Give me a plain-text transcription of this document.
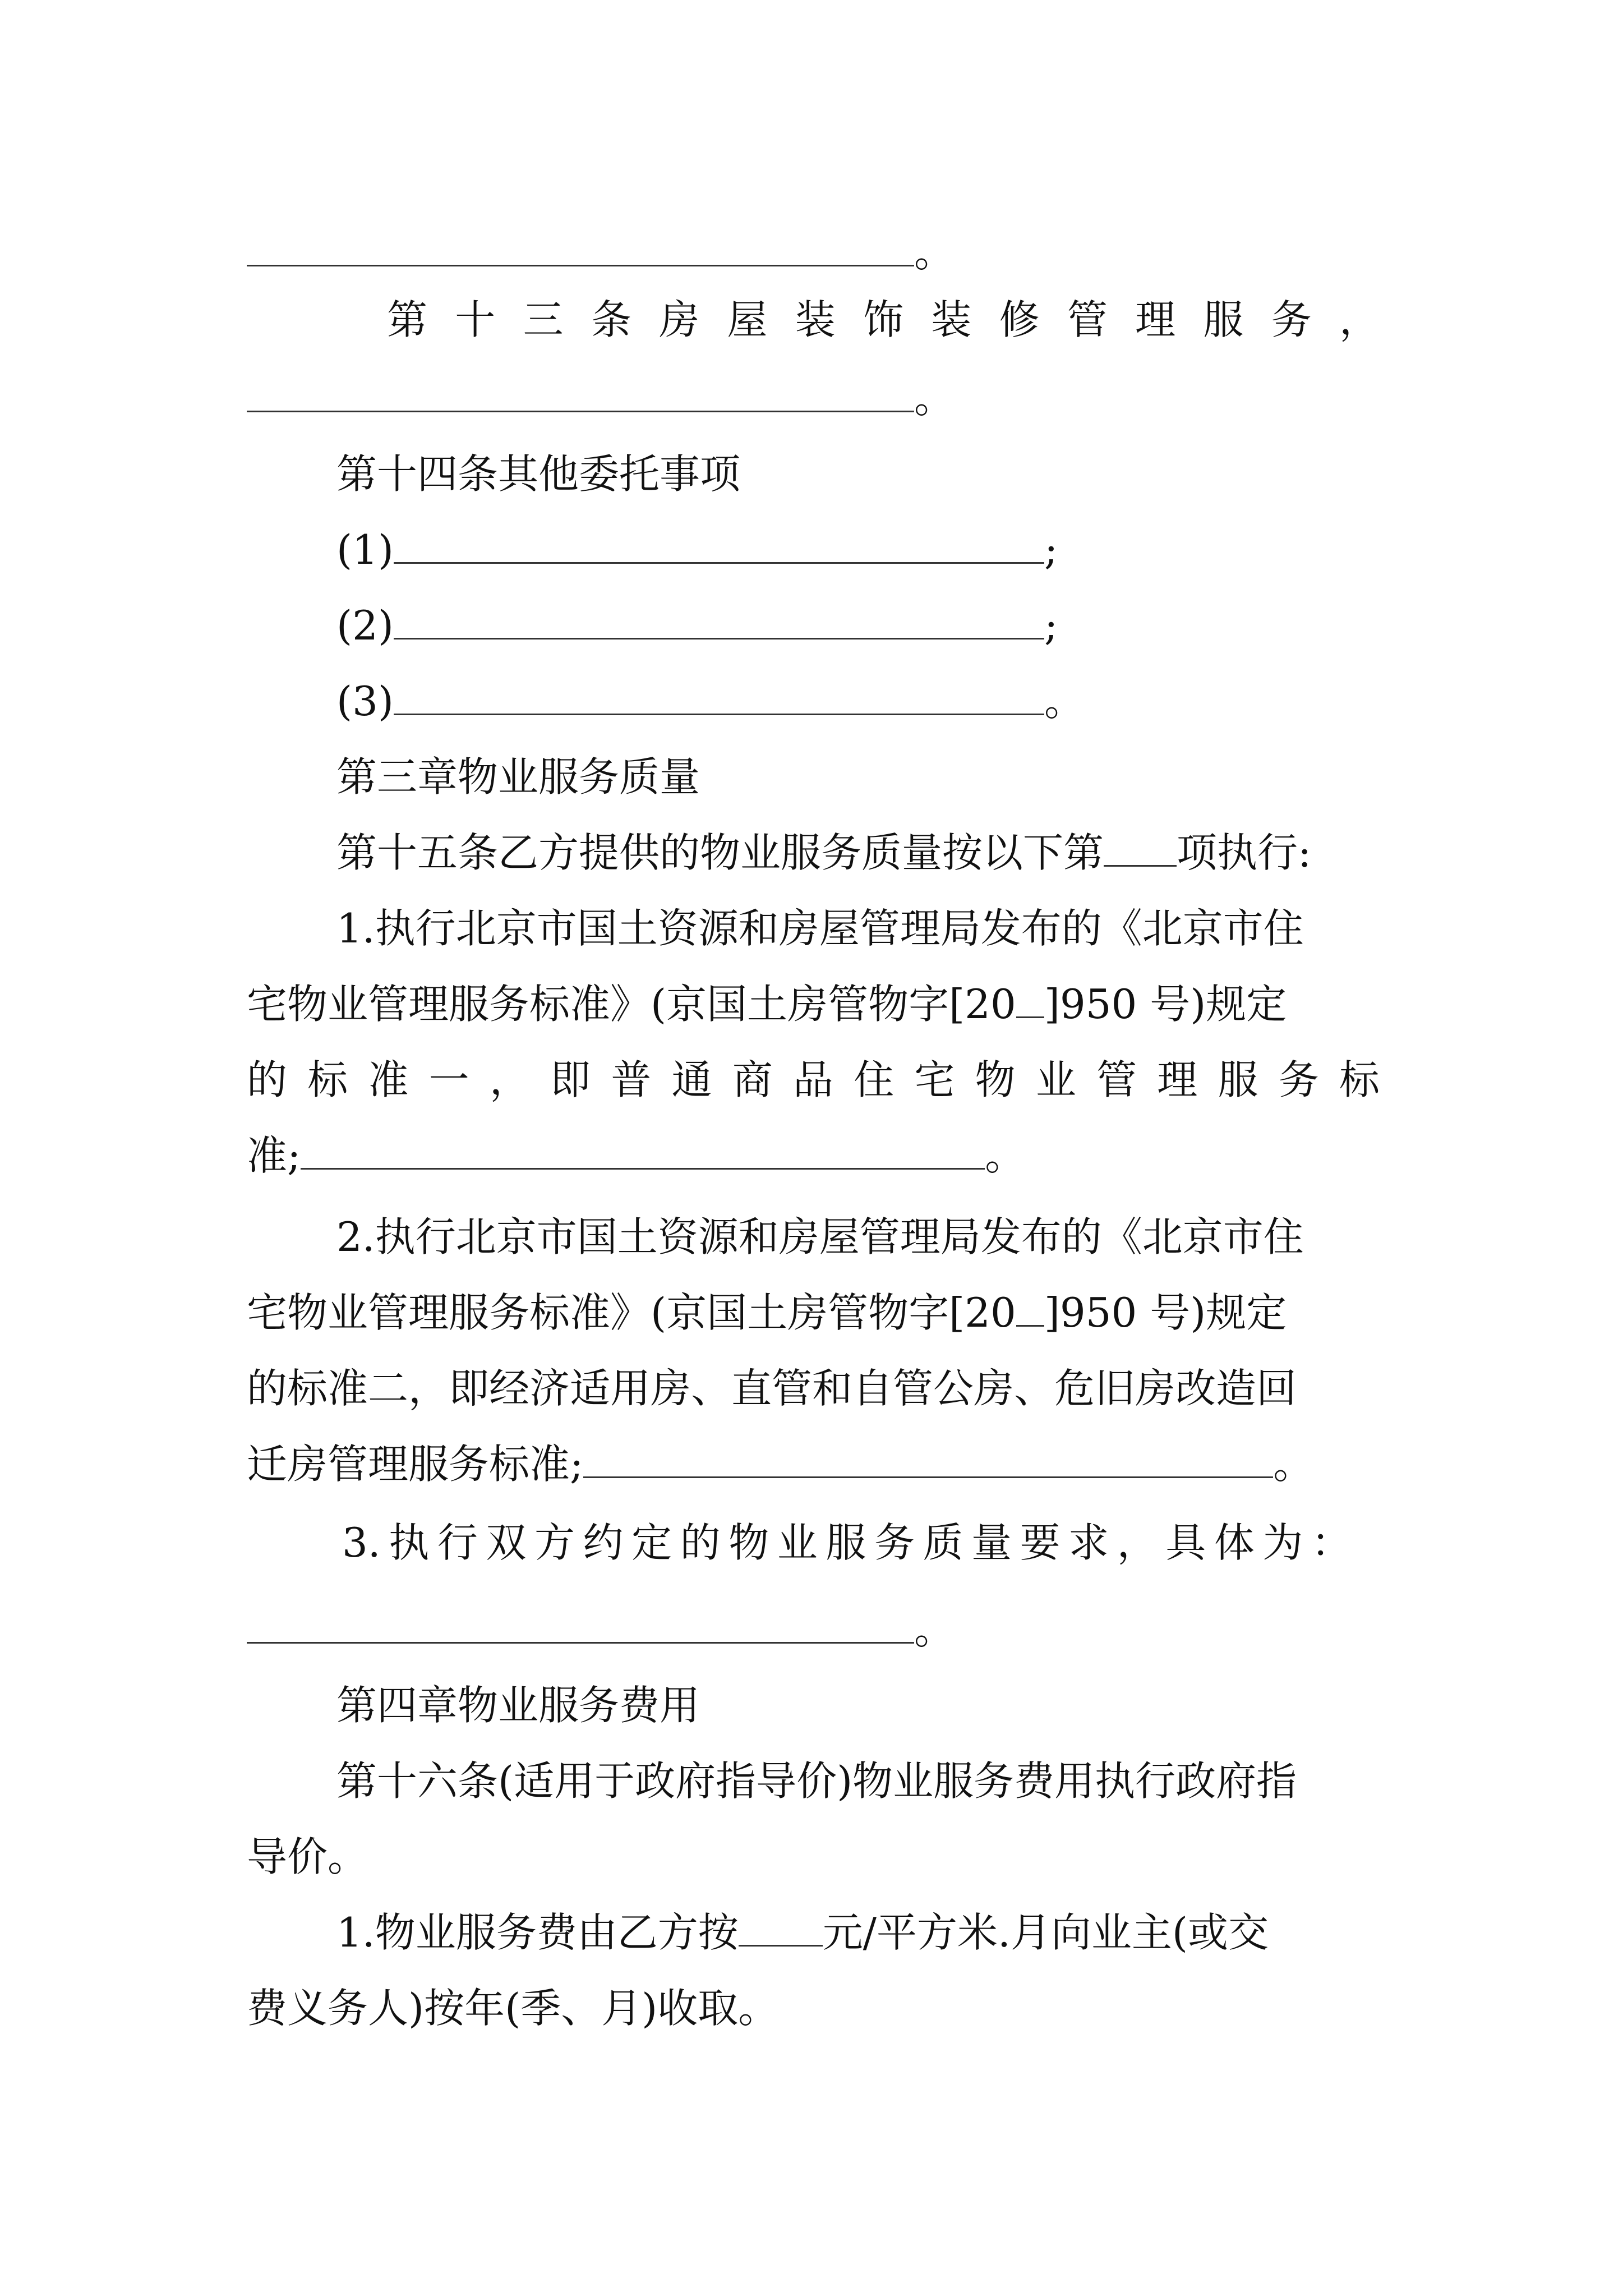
。
第 十 三 条 房 屋 装 饰 装 修 管 理 服 务 ，
。
第十四条其他委托事项
(1)	;
(2)	;
(3)	。
第三章物业服务质量
第十五条乙方提供的物业服务质量按以下第 项执行:
1.执行北京市国土资源和房屋管理局发布的《北京市住
宅物业管理服务标准》(京国土房管物字[20 ]950 号)规定
的 标 准 一 ， 即 普 通 商 品 住 宅 物 业 管 理 服 务 标
准;	。
2.执行北京市国土资源和房屋管理局发布的《北京市住
宅物业管理服务标准》(京国土房管物字[20 ]950 号)规定
的标准二，即经济适用房、直管和自管公房、危旧房改造回
迁房管理服务标准;	。
3. 执 行 双 方 约 定 的 物 业 服 务 质 量 要 求 ， 具 体 为 ：
。
第四章物业服务费用
第十六条(适用于政府指导价)物业服务费用执行政府指
导价。
1.物业服务费由乙方按 元/平方米.月向业主(或交
费义务人)按年(季、月)收取。
